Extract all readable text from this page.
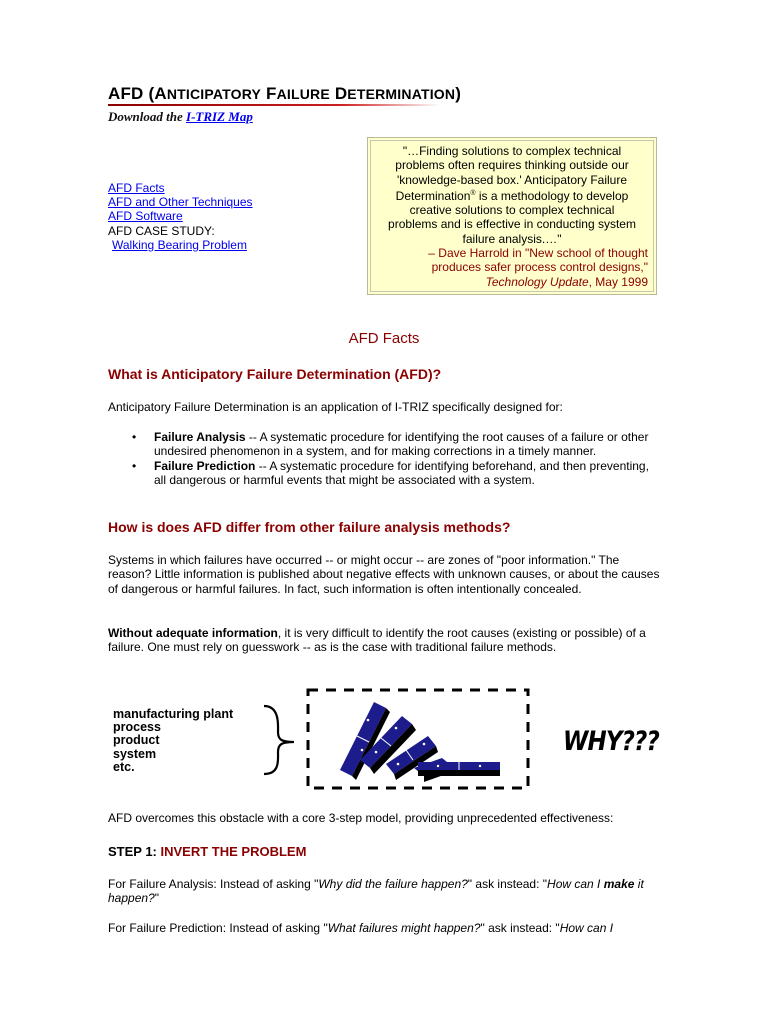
AFD (ANTICIPATORY FAILURE DETERMINATION)
Download the I-TRIZ Map
AFD Facts
AFD and Other Techniques
AFD Software
AFD CASE STUDY:
Walking Bearing Problem
"…Finding solutions to complex technical
problems often requires thinking outside our
'knowledge-based box.' Anticipatory Failure
Determination® is a methodology to develop
creative solutions to complex technical
problems and is effective in conducting system
failure analysis.…"
– Dave Harrold in "New school of thought
produces safer process control designs,"
Technology Update, May 1999
AFD Facts
What is Anticipatory Failure Determination (AFD)?

Anticipatory Failure Determination is an application of I-TRIZ specifically designed for:

• Failure Analysis -- A systematic procedure for identifying the root causes of a failure or other undesired phenomenon in a system, and for making corrections in a timely manner.
• Failure Prediction -- A systematic procedure for identifying beforehand, and then preventing, all dangerous or harmful events that might be associated with a system.
How is does AFD differ from other failure analysis methods?

Systems in which failures have occurred -- or might occur -- are zones of "poor information." The reason? Little information is published about negative effects with unknown causes, or about the causes of dangerous or harmful failures. In fact, such information is often intentionally concealed.

Without adequate information, it is very difficult to identify the root causes (existing or possible) of a failure. One must rely on guesswork -- as is the case with traditional failure methods.

manufacturing plant
process
product
system
etc.
WHY???

AFD overcomes this obstacle with a core 3-step model, providing unprecedented effectiveness:

STEP 1: INVERT THE PROBLEM

For Failure Analysis: Instead of asking "Why did the failure happen?" ask instead: "How can I make it happen?"

For Failure Prediction: Instead of asking "What failures might happen?" ask instead: "How can I
